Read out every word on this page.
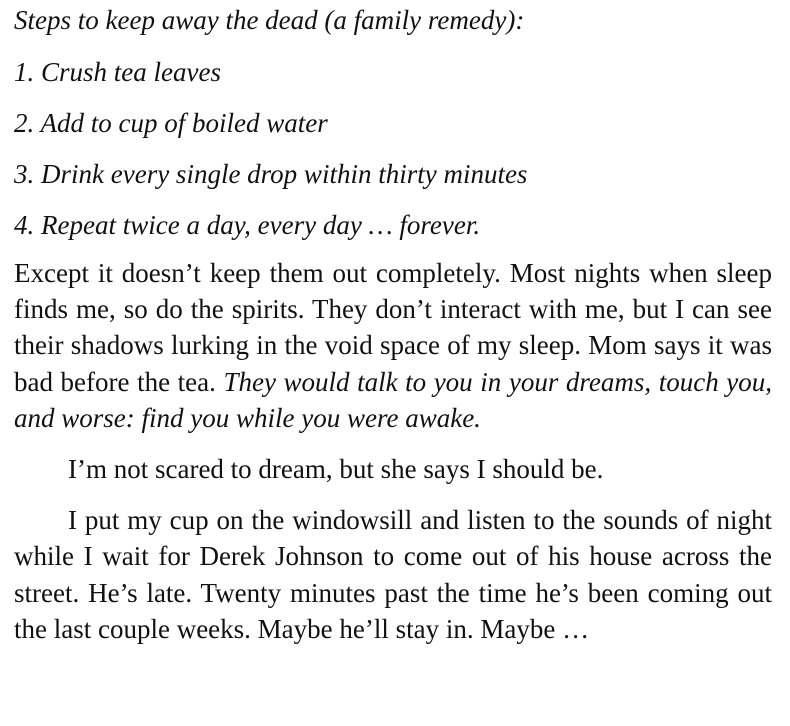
Steps to keep away the dead (a family remedy):
1. Crush tea leaves
2. Add to cup of boiled water
3. Drink every single drop within thirty minutes
4. Repeat twice a day, every day … forever.

Except it doesn’t keep them out completely. Most nights when sleep finds me, so do the spirits. They don’t interact with me, but I can see their shadows lurking in the void space of my sleep. Mom says it was bad before the tea. They would talk to you in your dreams, touch you, and worse: find you while you were awake.

I’m not scared to dream, but she says I should be.

I put my cup on the windowsill and listen to the sounds of night while I wait for Derek Johnson to come out of his house across the street. He’s late. Twenty minutes past the time he’s been coming out the last couple weeks. Maybe he’ll stay in. Maybe …
